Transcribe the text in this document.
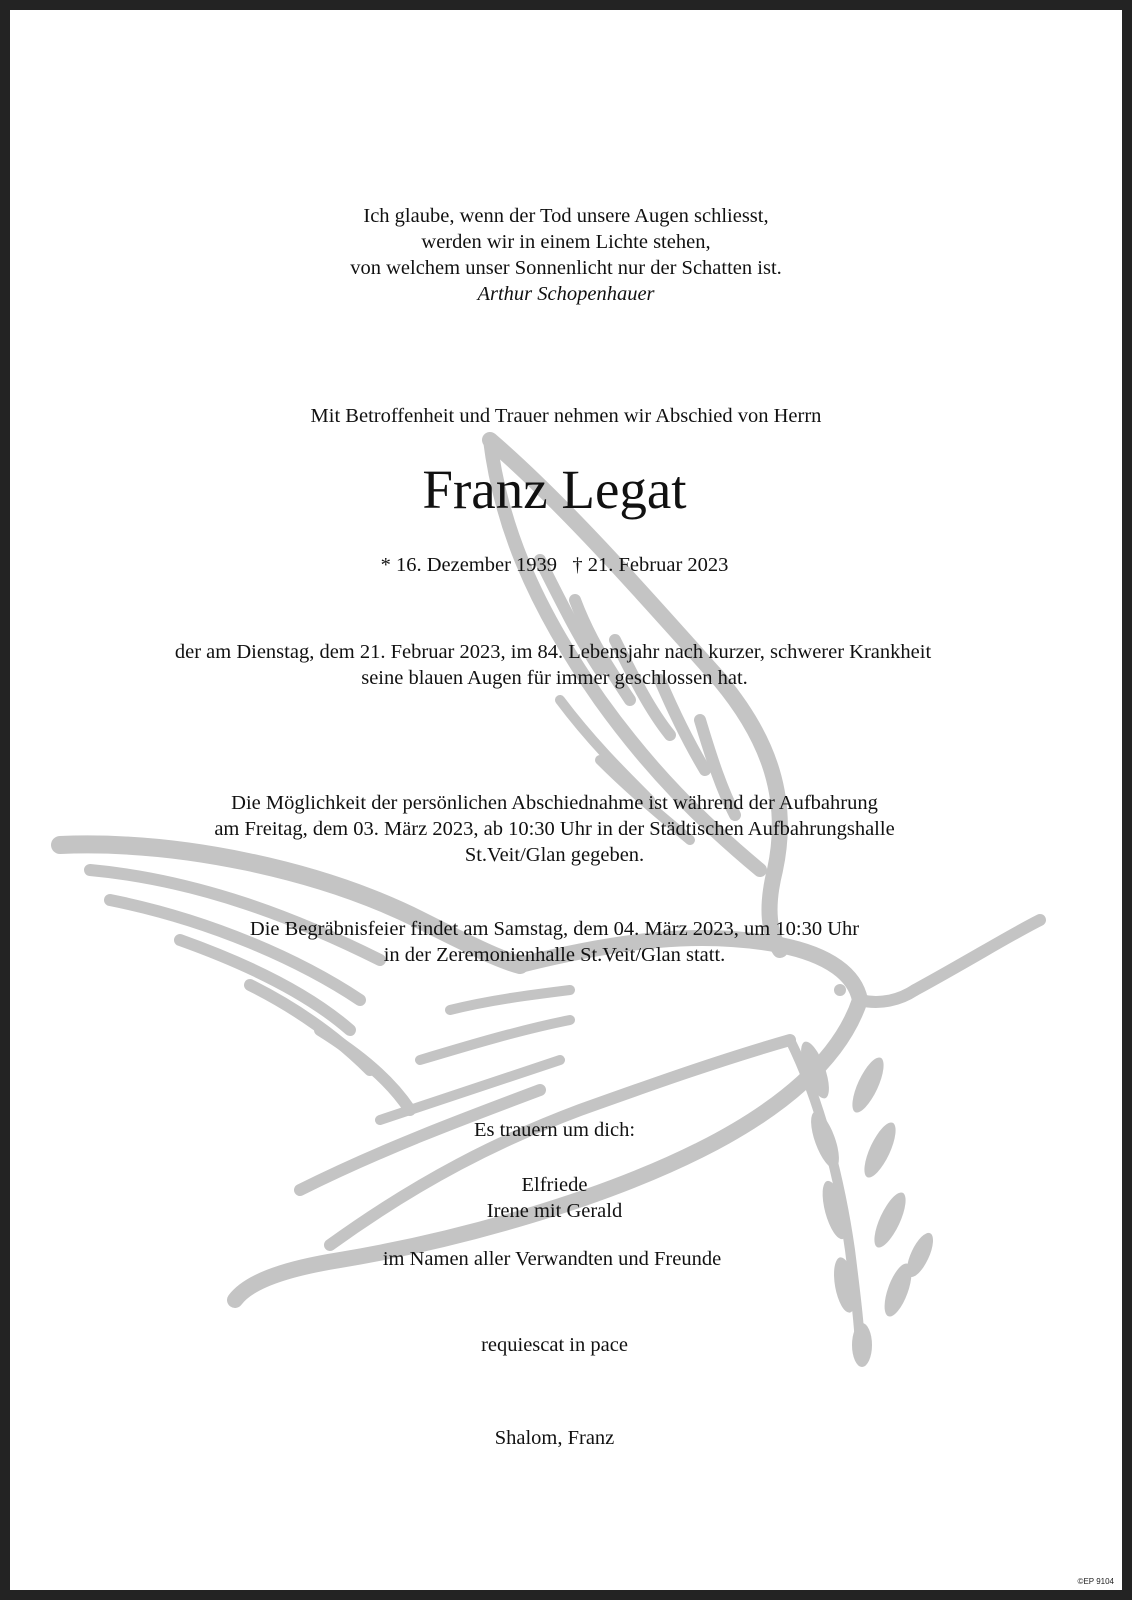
Ich glaube, wenn der Tod unsere Augen schliesst,
werden wir in einem Lichte stehen,
von welchem unser Sonnenlicht nur der Schatten ist.
Arthur Schopenhauer
Mit Betroffenheit und Trauer nehmen wir Abschied von Herrn
Franz Legat
* 16. Dezember 1939   † 21. Februar 2023
der am Dienstag, dem 21. Februar 2023, im 84. Lebensjahr nach kurzer, schwerer Krankheit
seine blauen Augen für immer geschlossen hat.
Die Möglichkeit der persönlichen Abschiednahme ist während der Aufbahrung
am Freitag, dem 03. März 2023, ab 10:30 Uhr in der Städtischen Aufbahrungshalle
St.Veit/Glan gegeben.
Die Begräbnisfeier findet am Samstag, dem 04. März 2023, um 10:30 Uhr
in der Zeremonienhalle St.Veit/Glan statt.
Es trauern um dich:
Elfriede
Irene mit Gerald
im Namen aller Verwandten und Freunde
requiescat in pace
Shalom, Franz
©EP 9104
